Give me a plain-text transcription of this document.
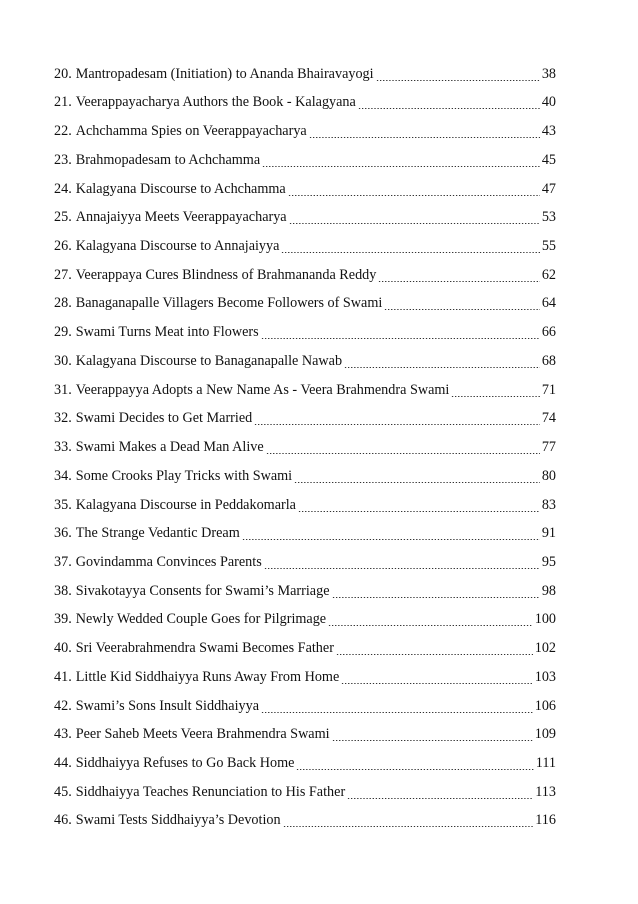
20. Mantropadesam (Initiation) to Ananda Bhairavayogi	38
21. Veerappayacharya Authors the Book - Kalagyana	40
22. Achchamma Spies on Veerappayacharya	43
23. Brahmopadesam to Achchamma	45
24. Kalagyana Discourse to Achchamma	47
25. Annajaiyya Meets Veerappayacharya	53
26. Kalagyana Discourse to Annajaiyya	55
27. Veerappaya Cures Blindness of Brahmananda Reddy	62
28. Banaganapalle Villagers Become Followers of Swami	64
29. Swami Turns Meat into Flowers	66
30. Kalagyana Discourse to Banaganapalle Nawab	68
31. Veerappayya Adopts a New Name As - Veera Brahmendra Swami	71
32. Swami Decides to Get Married	74
33. Swami Makes a Dead Man Alive	77
34. Some Crooks Play Tricks with Swami	80
35. Kalagyana Discourse in Peddakomarla	83
36. The Strange Vedantic Dream	91
37. Govindamma Convinces Parents	95
38. Sivakotayya Consents for Swami’s Marriage	98
39. Newly Wedded Couple Goes for Pilgrimage	100
40. Sri Veerabrahmendra Swami Becomes Father	102
41. Little Kid Siddhaiyya Runs Away From Home	103
42. Swami’s Sons Insult Siddhaiyya	106
43. Peer Saheb Meets Veera Brahmendra Swami	109
44. Siddhaiyya Refuses to Go Back Home	111
45. Siddhaiyya Teaches Renunciation to His Father	113
46. Swami Tests Siddhaiyya’s Devotion	116
